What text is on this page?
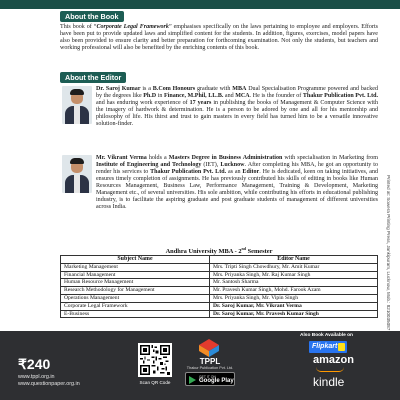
About the Book
This book of “Corporate Legal Framework” emphasises specifically on the laws pertaining to employee and employers. Efforts have been put to provide updated laws and simplified content for the students. In addition, figures, exercises, model papers have also been provided to ensure clarity and better preparation for forthcoming examination. Not only the students, but teachers and working professional will also be benefited by the enriching contents of this book.
About the Editor
Dr. Saroj Kumar is a B.Com Honours graduate with MBA Dual Specialisation Programme powered and backed by the degrees like Ph.D in Finance, M.Phil, LL.B. and MCA. He is the founder of Thakur Publication Pvt. Ltd. and has enduring work experience of 17 years in publishing the books of Management & Computer Science with the imagery of hardwork & determination. He is a person to be adored by one and all for his mentorship and philosophy of life. His thirst and trust to gain masters in every field has turned him to be a versatile innovative solution-finder.
Mr. Vikrant Verma holds a Masters Degree in Business Administration with specialisation in Marketing from Institute of Engineering and Technology (IET), Lucknow. After completing his MBA, he got an opportunity to render his services to Thakur Publication Pvt. Ltd. as an Editor. He is dedicated, keen on taking initiatives, and ensures timely completion of assignments. He has previously contributed his skills of editing in books like Human Resources Management, Business Law, Performance Management, Training & Development, Marketing Management etc., of several universities. His sole ambition, while contributing his efforts in educational publishing industry, is to facilitate the aspiring graduate and post graduate students of management of different universities across India.
Andhra University MBA - 2nd Semester
Subject Name	Editor Name
Marketing Management	Mrs. Tripti Singh Chowdhury, Mr. Amit Kumar
Financial Management	Mrs. Priyanka Singh, Mr. Raj Kumar Singh
Human Resource Management	Mr. Santosh Sharma
Research Methodology for Management	Mr. Pravesh Kumar Singh, Mohd. Farook Azam
Operations Management	Mrs. Priyanka Singh, Mr. Vipin Singh
Corporate Legal Framework	Dr. Saroj Kumar, Mr. Vikrant Verma
E-Business	Dr. Saroj Kumar, Mr. Pravesh Kumar Singh
₹240
www.tppl.org.in
www.questionpaper.org.in	Scan QR Code
TPPL
Thakur Publication Pvt. Ltd.
GET IT ON
Google Play
Also Book Available on
Flipkart
amazon
kindle
